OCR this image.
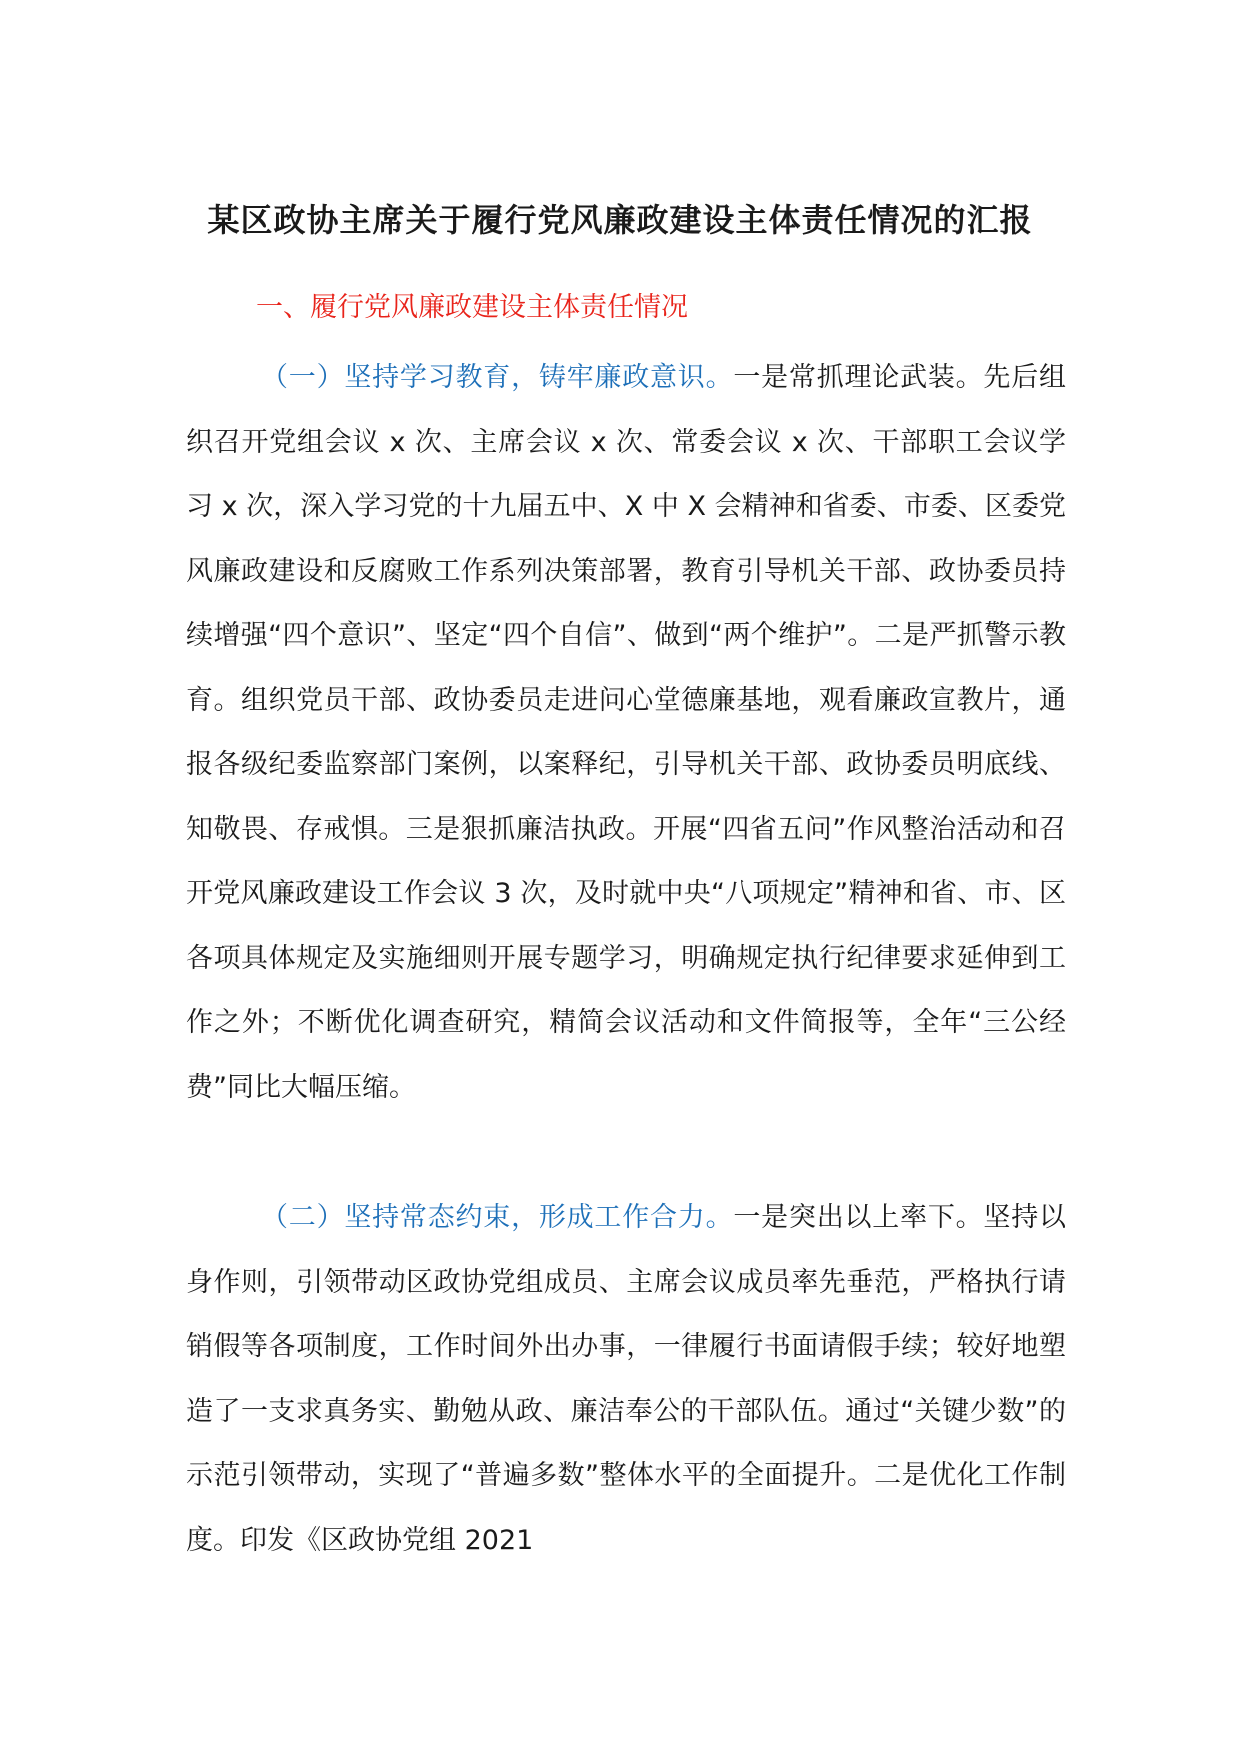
某区政协主席关于履行党风廉政建设主体责任情况的汇报
一、履行党风廉政建设主体责任情况

（一）坚持学习教育，铸牢廉政意识。一是常抓理论武装。先后组织召开党组会议 x 次、主席会议 x 次、常委会议 x 次、干部职工会议学习 x 次，深入学习党的十九届五中、X 中 X 会精神和省委、市委、区委党风廉政建设和反腐败工作系列决策部署，教育引导机关干部、政协委员持续增强“四个意识”、坚定“四个自信”、做到“两个维护”。二是严抓警示教育。组织党员干部、政协委员走进问心堂德廉基地，观看廉政宣教片，通报各级纪委监察部门案例，以案释纪，引导机关干部、政协委员明底线、知敬畏、存戒惧。三是狠抓廉洁执政。开展“四省五问”作风整治活动和召开党风廉政建设工作会议 3 次，及时就中央“八项规定”精神和省、市、区各项具体规定及实施细则开展专题学习，明确规定执行纪律要求延伸到工作之外；不断优化调查研究，精简会议活动和文件简报等，全年“三公经费”同比大幅压缩。

（二）坚持常态约束，形成工作合力。一是突出以上率下。坚持以身作则，引领带动区政协党组成员、主席会议成员率先垂范，严格执行请销假等各项制度，工作时间外出办事，一律履行书面请假手续；较好地塑造了一支求真务实、勤勉从政、廉洁奉公的干部队伍。通过“关键少数”的示范引领带动，实现了“普遍多数”整体水平的全面提升。二是优化工作制度。印发《区政协党组 2021
